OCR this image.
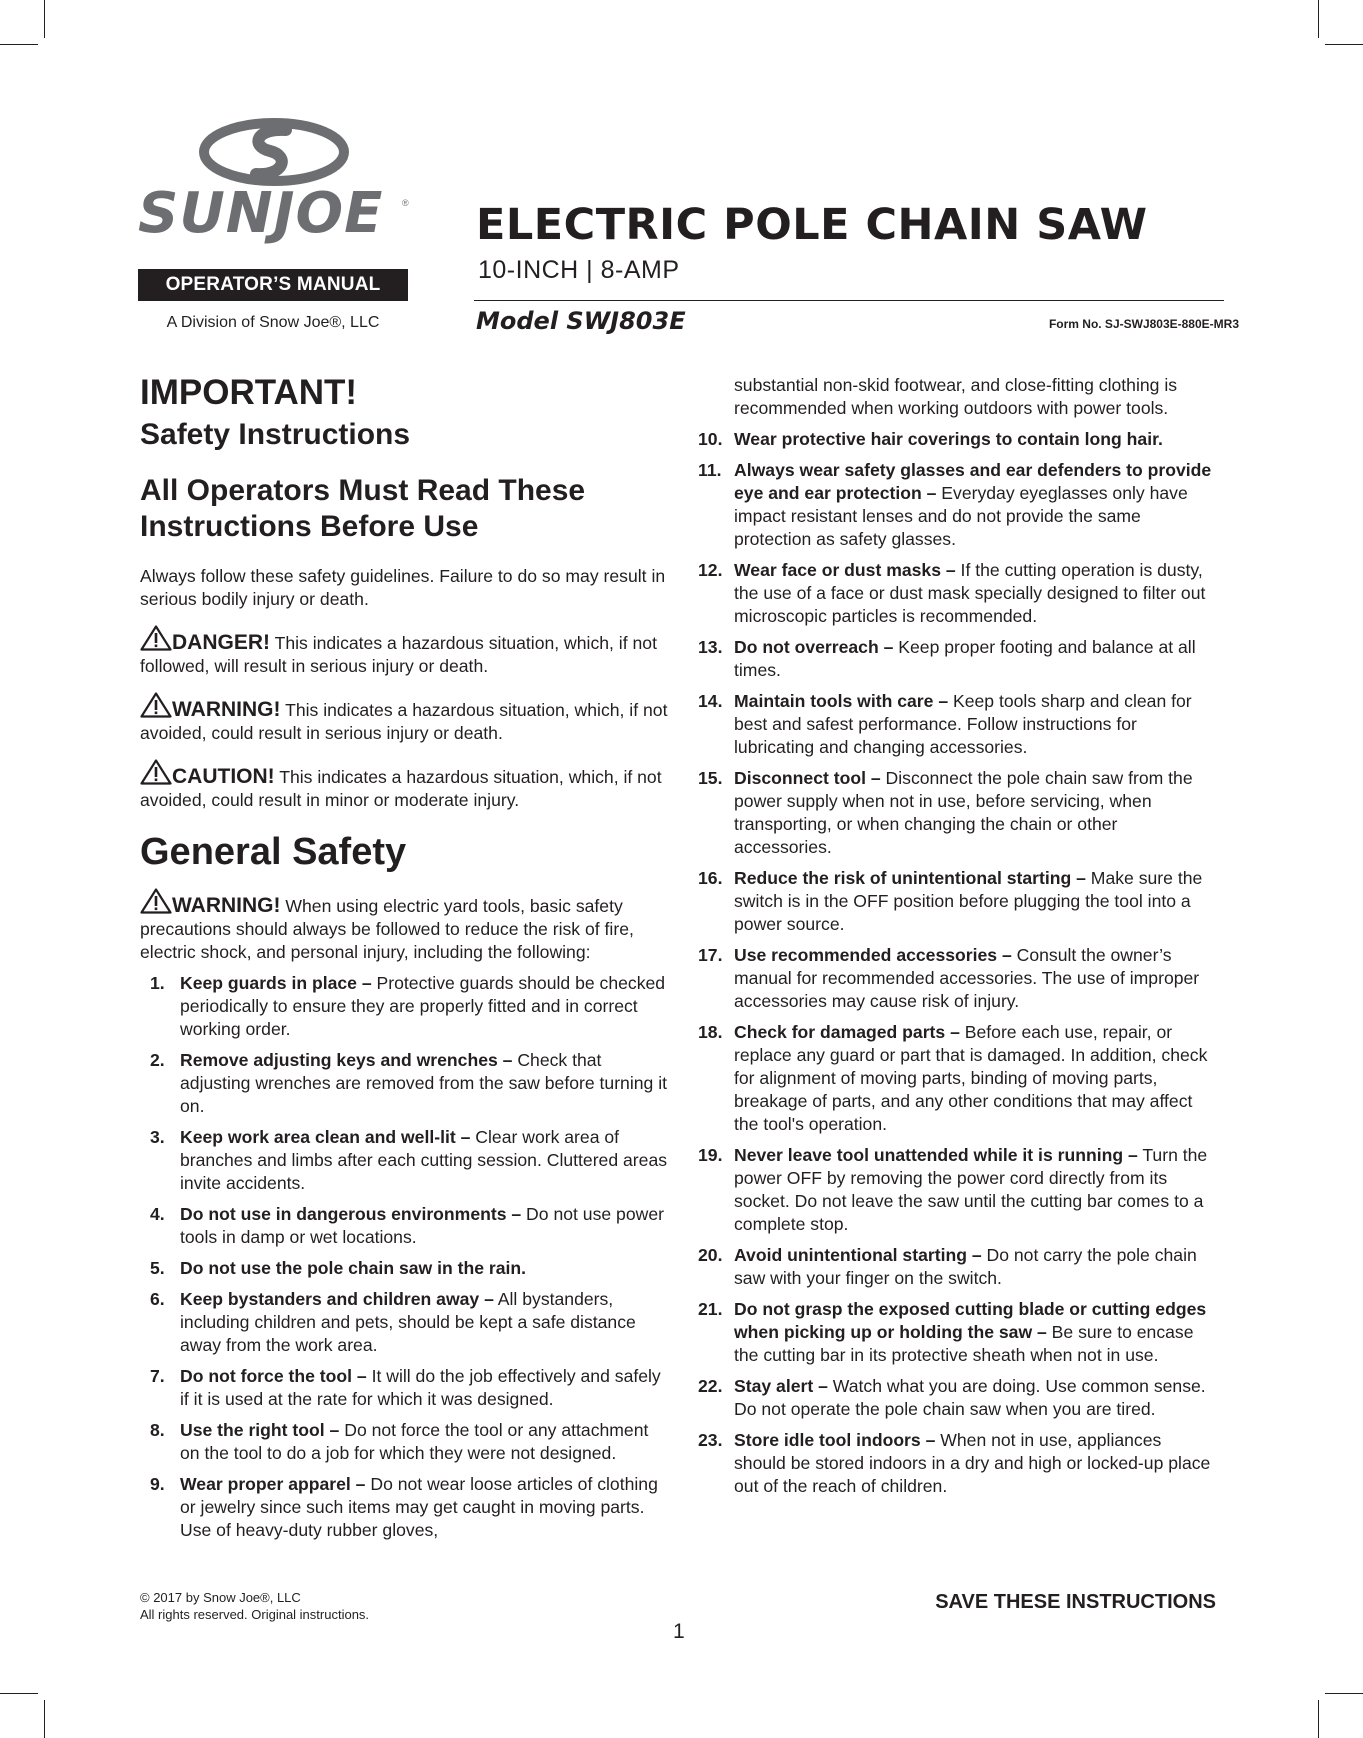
SUNJOE	®
OPERATOR’S MANUAL
A Division of Snow Joe®, LLC
ELECTRIC POLE CHAIN SAW
10-INCH | 8-AMP
Model SWJ803E	Form No. SJ-SWJ803E-880E-MR3
IMPORTANT!
Safety Instructions
All Operators Must Read These Instructions Before Use

Always follow these safety guidelines. Failure to do so may result in serious bodily injury or death.

DANGER! This indicates a hazardous situation, which, if not followed, will result in serious injury or death.

WARNING! This indicates a hazardous situation, which, if not avoided, could result in serious injury or death.

CAUTION! This indicates a hazardous situation, which, if not avoided, could result in minor or moderate injury.

General Safety

WARNING! When using electric yard tools, basic safety precautions should always be followed to reduce the risk of fire, electric shock, and personal injury, including the following:

1. Keep guards in place – Protective guards should be checked periodically to ensure they are properly fitted and in correct working order.
2. Remove adjusting keys and wrenches – Check that adjusting wrenches are removed from the saw before turning it on.
3. Keep work area clean and well-lit – Clear work area of branches and limbs after each cutting session. Cluttered areas invite accidents.
4. Do not use in dangerous environments – Do not use power tools in damp or wet locations.
5. Do not use the pole chain saw in the rain.
6. Keep bystanders and children away – All bystanders, including children and pets, should be kept a safe distance away from the work area.
7. Do not force the tool – It will do the job effectively and safely if it is used at the rate for which it was designed.
8. Use the right tool – Do not force the tool or any attachment on the tool to do a job for which they were not designed.
9. Wear proper apparel – Do not wear loose articles of clothing or jewelry since such items may get caught in moving parts. Use of heavy-duty rubber gloves,

substantial non-skid footwear, and close-fitting clothing is recommended when working outdoors with power tools.

10. Wear protective hair coverings to contain long hair.
11. Always wear safety glasses and ear defenders to provide eye and ear protection – Everyday eyeglasses only have impact resistant lenses and do not provide the same protection as safety glasses.
12. Wear face or dust masks – If the cutting operation is dusty, the use of a face or dust mask specially designed to filter out microscopic particles is recommended.
13. Do not overreach – Keep proper footing and balance at all times.
14. Maintain tools with care – Keep tools sharp and clean for best and safest performance. Follow instructions for lubricating and changing accessories.
15. Disconnect tool – Disconnect the pole chain saw from the power supply when not in use, before servicing, when transporting, or when changing the chain or other accessories.
16. Reduce the risk of unintentional starting – Make sure the switch is in the OFF position before plugging the tool into a power source.
17. Use recommended accessories – Consult the owner’s manual for recommended accessories. The use of improper accessories may cause risk of injury.
18. Check for damaged parts – Before each use, repair, or replace any guard or part that is damaged. In addition, check for alignment of moving parts, binding of moving parts, breakage of parts, and any other conditions that may affect the tool's operation.
19. Never leave tool unattended while it is running – Turn the power OFF by removing the power cord directly from its socket. Do not leave the saw until the cutting bar comes to a complete stop.
20. Avoid unintentional starting – Do not carry the pole chain saw with your finger on the switch.
21. Do not grasp the exposed cutting blade or cutting edges when picking up or holding the saw – Be sure to encase the cutting bar in its protective sheath when not in use.
22. Stay alert – Watch what you are doing. Use common sense. Do not operate the pole chain saw when you are tired.
23. Store idle tool indoors – When not in use, appliances should be stored indoors in a dry and high or locked-up place out of the reach of children.
© 2017 by Snow Joe®, LLC
All rights reserved. Original instructions.
SAVE THESE INSTRUCTIONS
1
